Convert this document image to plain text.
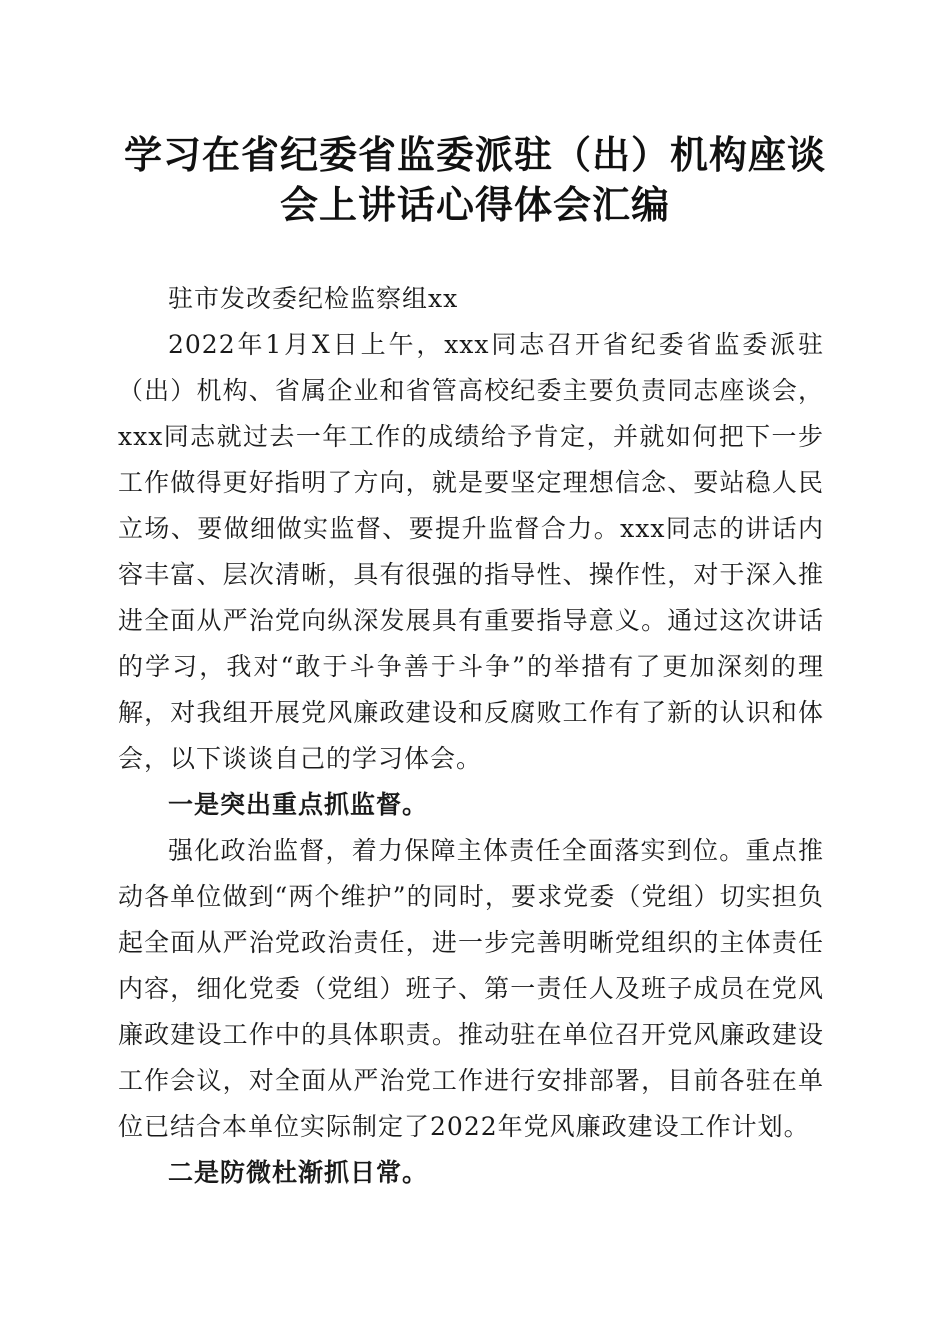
学习在省纪委省监委派驻（出）机构座谈会上讲话心得体会汇编

驻市发改委纪检监察组xx

2022年1月X日上午，xxx同志召开省纪委省监委派驻（出）机构、省属企业和省管高校纪委主要负责同志座谈会，xxx同志就过去一年工作的成绩给予肯定，并就如何把下一步工作做得更好指明了方向，就是要坚定理想信念、要站稳人民立场、要做细做实监督、要提升监督合力。xxx同志的讲话内容丰富、层次清晰，具有很强的指导性、操作性，对于深入推进全面从严治党向纵深发展具有重要指导意义。通过这次讲话的学习，我对“敢于斗争善于斗争”的举措有了更加深刻的理解，对我组开展党风廉政建设和反腐败工作有了新的认识和体会，以下谈谈自己的学习体会。

一是突出重点抓监督。

强化政治监督，着力保障主体责任全面落实到位。重点推动各单位做到“两个维护”的同时，要求党委（党组）切实担负起全面从严治党政治责任，进一步完善明晰党组织的主体责任内容，细化党委（党组）班子、第一责任人及班子成员在党风廉政建设工作中的具体职责。推动驻在单位召开党风廉政建设工作会议，对全面从严治党工作进行安排部署，目前各驻在单位已结合本单位实际制定了2022年党风廉政建设工作计划。

二是防微杜渐抓日常。
